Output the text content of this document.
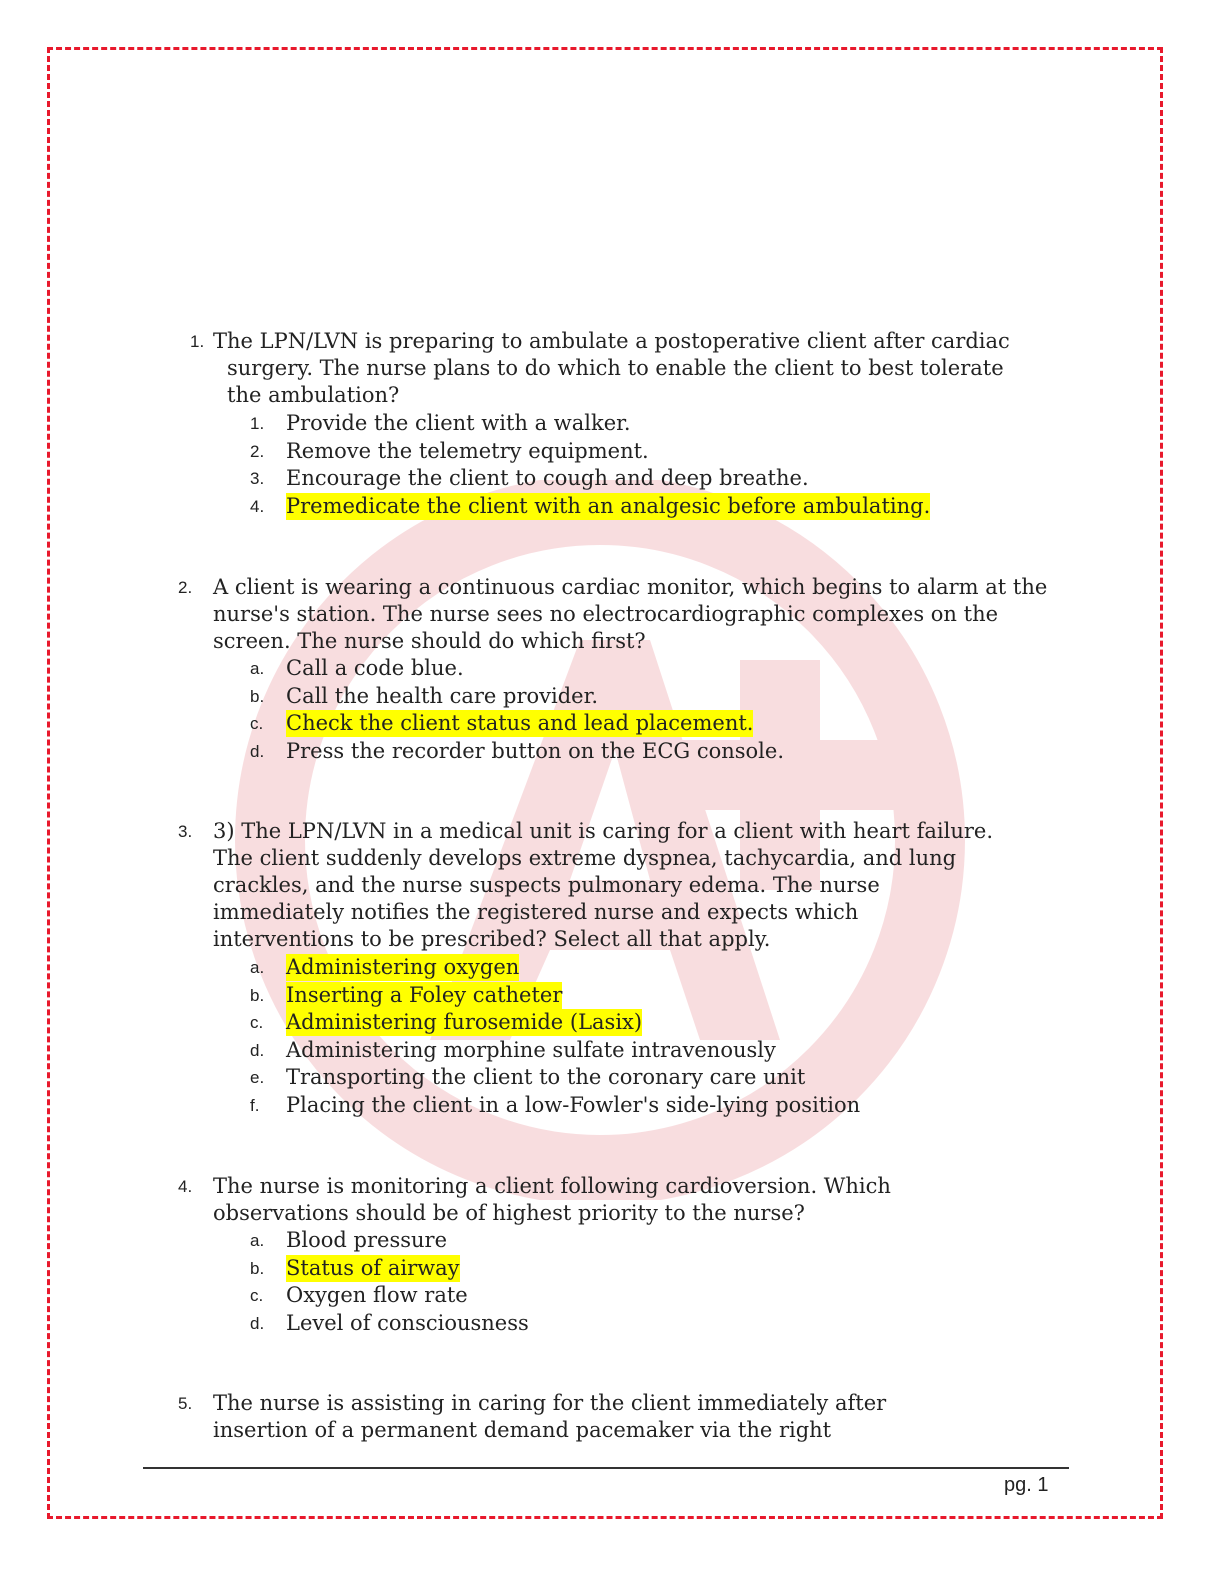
1. The LPN/LVN is preparing to ambulate a postoperative client after cardiac surgery. The nurse plans to do which to enable the client to best tolerate the ambulation?
1.	Provide the client with a walker.
2.	Remove the telemetry equipment.
3.	Encourage the client to cough and deep breathe.
4.	Premedicate the client with an analgesic before ambulating.
2. A client is wearing a continuous cardiac monitor, which begins to alarm at the nurse's station. The nurse sees no electrocardiographic complexes on the screen. The nurse should do which first?
a.	Call a code blue.
b.	Call the health care provider.
c.	Check the client status and lead placement.
d.	Press the recorder button on the ECG console.
3. 3) The LPN/LVN in a medical unit is caring for a client with heart failure. The client suddenly develops extreme dyspnea, tachycardia, and lung crackles, and the nurse suspects pulmonary edema. The nurse immediately notifies the registered nurse and expects which interventions to be prescribed? Select all that apply.
a.	Administering oxygen
b.	Inserting a Foley catheter
c.	Administering furosemide (Lasix)
d.	Administering morphine sulfate intravenously
e.	Transporting the client to the coronary care unit
f.	Placing the client in a low-Fowler's side-lying position
4. The nurse is monitoring a client following cardioversion. Which observations should be of highest priority to the nurse?
a.	Blood pressure
b.	Status of airway
c.	Oxygen flow rate
d.	Level of consciousness
5. The nurse is assisting in caring for the client immediately after insertion of a permanent demand pacemaker via the right
pg. 1
